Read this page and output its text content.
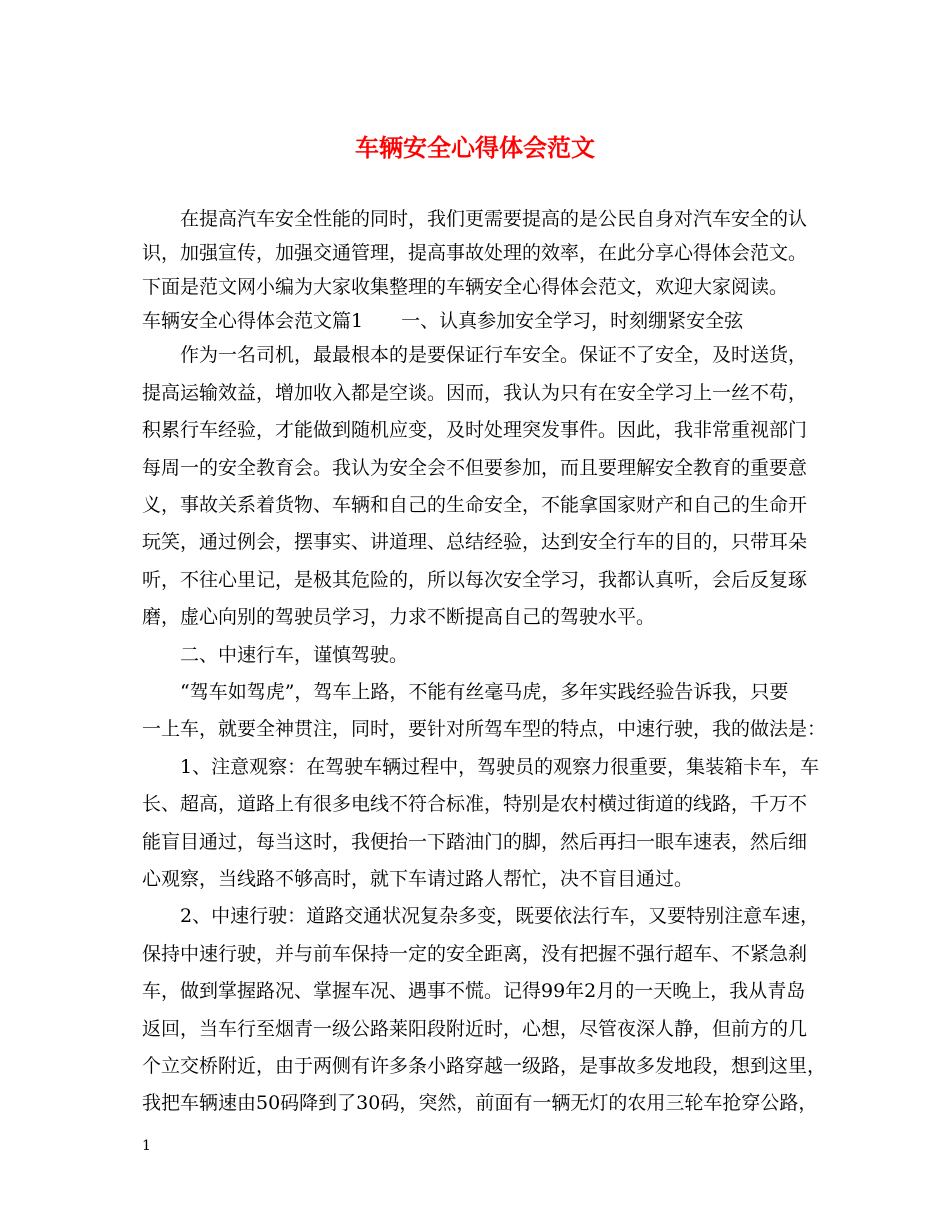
车辆安全心得体会范文

在提高汽车安全性能的同时，我们更需要提高的是公民自身对汽车安全的认

识，加强宣传，加强交通管理，提高事故处理的效率，在此分享心得体会范文。

下面是范文网小编为大家收集整理的车辆安全心得体会范文，欢迎大家阅读。

车辆安全心得体会范文篇1 一、认真参加安全学习，时刻绷紧安全弦

作为一名司机，最最根本的是要保证行车安全。保证不了安全，及时送货，

提高运输效益，增加收入都是空谈。因而，我认为只有在安全学习上一丝不苟，

积累行车经验，才能做到随机应变，及时处理突发事件。因此，我非常重视部门

每周一的安全教育会。我认为安全会不但要参加，而且要理解安全教育的重要意

义，事故关系着货物、车辆和自己的生命安全，不能拿国家财产和自己的生命开

玩笑，通过例会，摆事实、讲道理、总结经验，达到安全行车的目的，只带耳朵

听，不往心里记，是极其危险的，所以每次安全学习，我都认真听，会后反复琢

磨，虚心向别的驾驶员学习，力求不断提高自己的驾驶水平。

二、中速行车，谨慎驾驶。

“驾车如驾虎”，驾车上路，不能有丝毫马虎，多年实践经验告诉我，只要

一上车，就要全神贯注，同时，要针对所驾车型的特点，中速行驶，我的做法是：

1、注意观察：在驾驶车辆过程中，驾驶员的观察力很重要，集装箱卡车，车

长、超高，道路上有很多电线不符合标准，特别是农村横过街道的线路，千万不

能盲目通过，每当这时，我便抬一下踏油门的脚，然后再扫一眼车速表，然后细

心观察，当线路不够高时，就下车请过路人帮忙，决不盲目通过。

2、中速行驶：道路交通状况复杂多变，既要依法行车，又要特别注意车速，

保持中速行驶，并与前车保持一定的安全距离，没有把握不强行超车、不紧急刹

车，做到掌握路况、掌握车况、遇事不慌。记得99年2月的一天晚上，我从青岛

返回，当车行至烟青一级公路莱阳段附近时，心想，尽管夜深人静，但前方的几

个立交桥附近，由于两侧有许多条小路穿越一级路，是事故多发地段，想到这里，

我把车辆速由50码降到了30码，突然，前面有一辆无灯的农用三轮车抢穿公路，

1
